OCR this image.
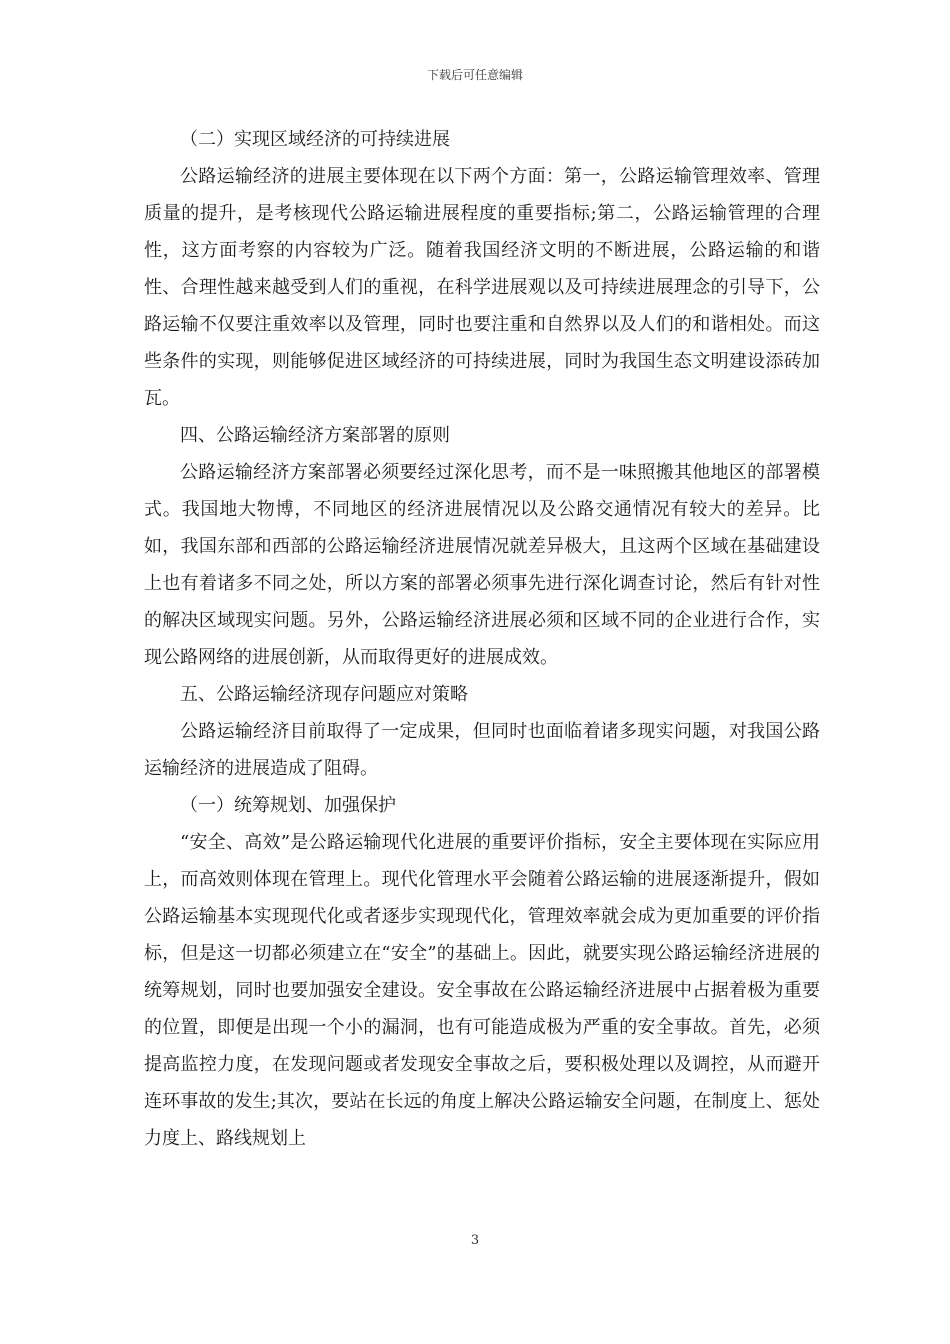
下载后可任意编辑

（二）实现区域经济的可持续进展

公路运输经济的进展主要体现在以下两个方面：第一，公路运输管理效率、管理质量的提升，是考核现代公路运输进展程度的重要指标;第二，公路运输管理的合理性，这方面考察的内容较为广泛。随着我国经济文明的不断进展，公路运输的和谐性、合理性越来越受到人们的重视，在科学进展观以及可持续进展理念的引导下，公路运输不仅要注重效率以及管理，同时也要注重和自然界以及人们的和谐相处。而这些条件的实现，则能够促进区域经济的可持续进展，同时为我国生态文明建设添砖加瓦。

四、公路运输经济方案部署的原则

公路运输经济方案部署必须要经过深化思考，而不是一味照搬其他地区的部署模式。我国地大物博，不同地区的经济进展情况以及公路交通情况有较大的差异。比如，我国东部和西部的公路运输经济进展情况就差异极大，且这两个区域在基础建设上也有着诸多不同之处，所以方案的部署必须事先进行深化调查讨论，然后有针对性的解决区域现实问题。另外，公路运输经济进展必须和区域不同的企业进行合作，实现公路网络的进展创新，从而取得更好的进展成效。

五、公路运输经济现存问题应对策略

公路运输经济目前取得了一定成果，但同时也面临着诸多现实问题，对我国公路运输经济的进展造成了阻碍。

（一）统筹规划、加强保护

“安全、高效”是公路运输现代化进展的重要评价指标，安全主要体现在实际应用上，而高效则体现在管理上。现代化管理水平会随着公路运输的进展逐渐提升，假如公路运输基本实现现代化或者逐步实现现代化，管理效率就会成为更加重要的评价指标，但是这一切都必须建立在“安全”的基础上。因此，就要实现公路运输经济进展的统筹规划，同时也要加强安全建设。安全事故在公路运输经济进展中占据着极为重要的位置，即便是出现一个小的漏洞，也有可能造成极为严重的安全事故。首先，必须提高监控力度，在发现问题或者发现安全事故之后，要积极处理以及调控，从而避开连环事故的发生;其次，要站在长远的角度上解决公路运输安全问题，在制度上、惩处力度上、路线规划上

3
